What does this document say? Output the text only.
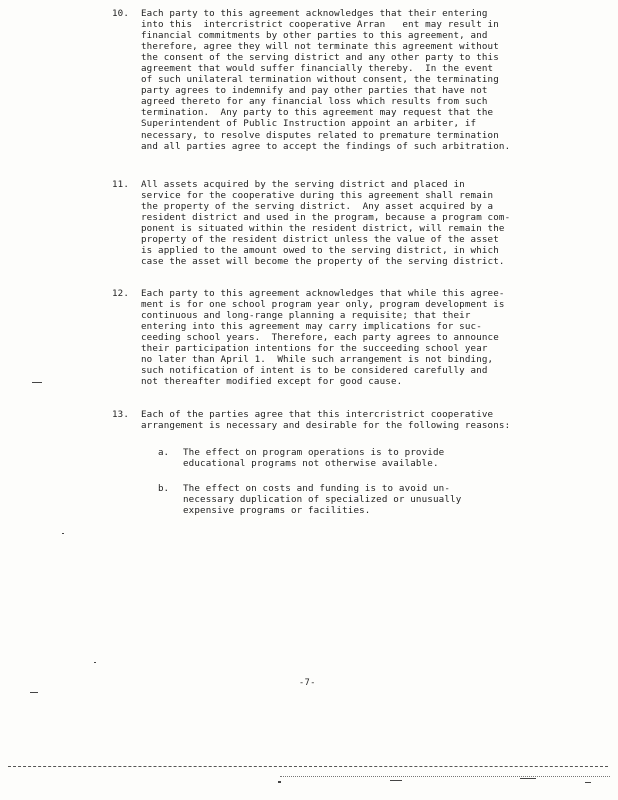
10. Each party to this agreement acknowledges that their entering
into this  intercristrict cooperative Arran   ent may result in
financial commitments by other parties to this agreement, and
therefore, agree they will not terminate this agreement without
the consent of the serving district and any other party to this
agreement that would suffer financially thereby.  In the event
of such unilateral termination without consent, the terminating
party agrees to indemnify and pay other parties that have not
agreed thereto for any financial loss which results from such
termination.  Any party to this agreement may request that the
Superintendent of Public Instruction appoint an arbiter, if
necessary, to resolve disputes related to premature termination
and all parties agree to accept the findings of such arbitration.
11. All assets acquired by the serving district and placed in
service for the cooperative during this agreement shall remain
the property of the serving district.  Any asset acquired by a
resident district and used in the program, because a program com-
ponent is situated within the resident district, will remain the
property of the resident district unless the value of the asset
is applied to the amount owed to the serving district, in which
case the asset will become the property of the serving district.
12. Each party to this agreement acknowledges that while this agree-
ment is for one school program year only, program development is
continuous and long-range planning a requisite; that their
entering into this agreement may carry implications for suc-
ceeding school years.  Therefore, each party agrees to announce
their participation intentions for the succeeding school year
no later than April 1.  While such arrangement is not binding,
such notification of intent is to be considered carefully and
not thereafter modified except for good cause.
13. Each of the parties agree that this intercristrict cooperative
arrangement is necessary and desirable for the following reasons:
a. The effect on program operations is to provide
educational programs not otherwise available.
b. The effect on costs and funding is to avoid un-
necessary duplication of specialized or unusually
expensive programs or facilities.
-7-
